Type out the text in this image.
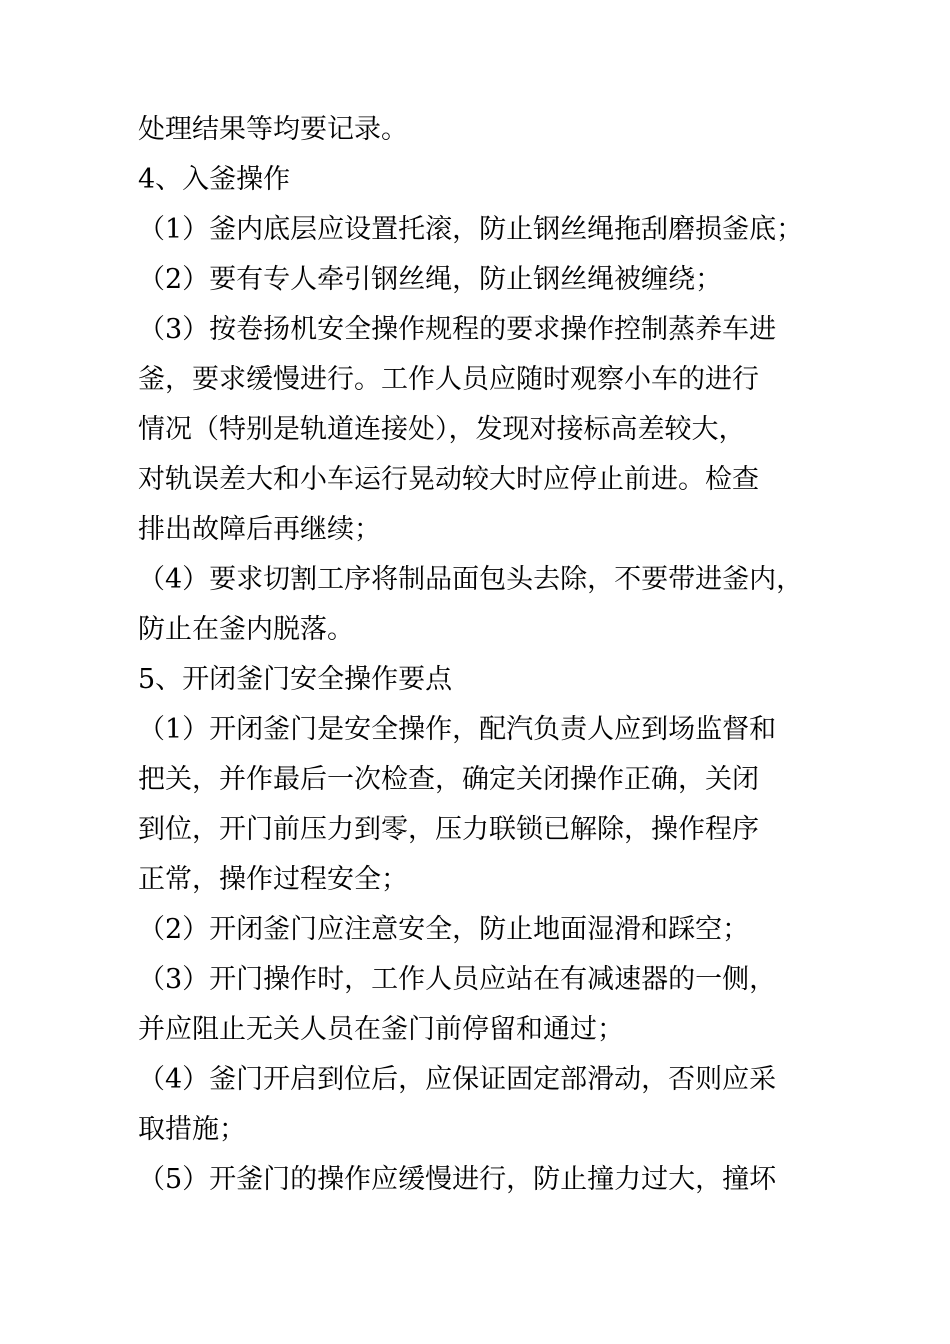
处理结果等均要记录。
4、入釜操作
（1）釜内底层应设置托滚，防止钢丝绳拖刮磨损釜底；
（2）要有专人牵引钢丝绳，防止钢丝绳被缠绕；
（3）按卷扬机安全操作规程的要求操作控制蒸养车进
釜，要求缓慢进行。工作人员应随时观察小车的进行
情况（特别是轨道连接处），发现对接标高差较大，
对轨误差大和小车运行晃动较大时应停止前进。检查
排出故障后再继续；
（4）要求切割工序将制品面包头去除，不要带进釜内，
防止在釜内脱落。
5、开闭釜门安全操作要点
（1）开闭釜门是安全操作，配汽负责人应到场监督和
把关，并作最后一次检查，确定关闭操作正确，关闭
到位，开门前压力到零，压力联锁已解除，操作程序
正常，操作过程安全；
（2）开闭釜门应注意安全，防止地面湿滑和踩空；
（3）开门操作时，工作人员应站在有减速器的一侧，
并应阻止无关人员在釜门前停留和通过；
（4）釜门开启到位后，应保证固定部滑动，否则应采
取措施；
（5）开釜门的操作应缓慢进行，防止撞力过大，撞坏
